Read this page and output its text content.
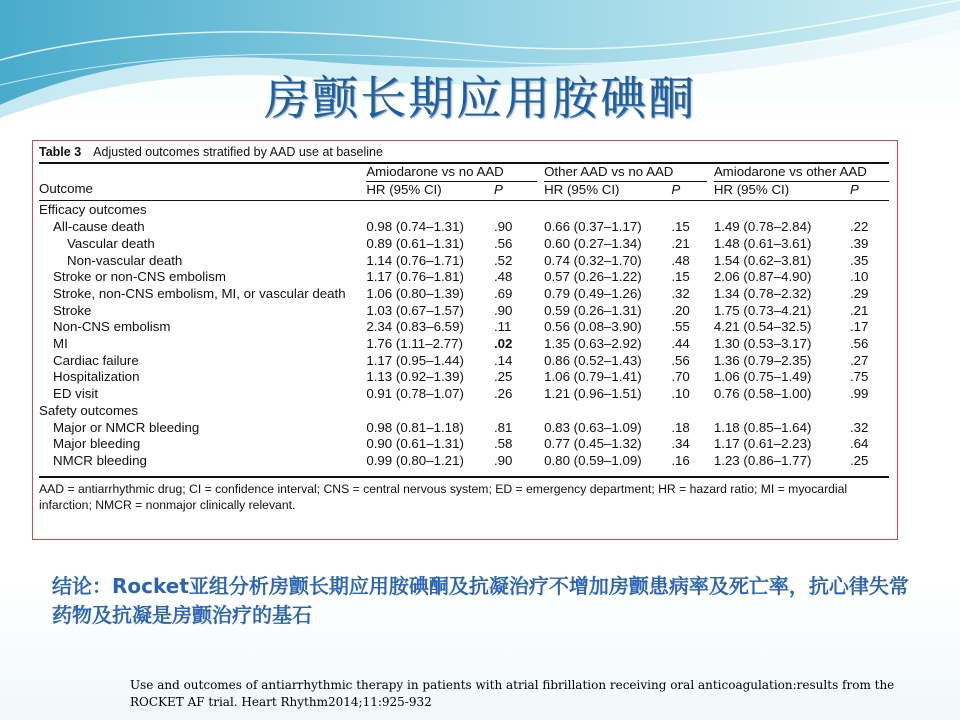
房颤长期应用胺碘酮
Table 3 Adjusted outcomes stratified by AAD use at baseline
	Amiodarone vs no AAD			Other AAD vs no AAD			Amiodarone vs other AAD	
Outcome	HR (95% CI)	P		HR (95% CI)	P		HR (95% CI)	P

Efficacy outcomes								
All-cause death	0.98 (0.74–1.31)	.90		0.66 (0.37–1.17)	.15		1.49 (0.78–2.84)	.22
Vascular death	0.89 (0.61–1.31)	.56		0.60 (0.27–1.34)	.21		1.48 (0.61–3.61)	.39
Non-vascular death	1.14 (0.76–1.71)	.52		0.74 (0.32–1.70)	.48		1.54 (0.62–3.81)	.35
Stroke or non-CNS embolism	1.17 (0.76–1.81)	.48		0.57 (0.26–1.22)	.15		2.06 (0.87–4.90)	.10
Stroke, non-CNS embolism, MI, or vascular death	1.06 (0.80–1.39)	.69		0.79 (0.49–1.26)	.32		1.34 (0.78–2.32)	.29
Stroke	1.03 (0.67–1.57)	.90		0.59 (0.26–1.31)	.20		1.75 (0.73–4.21)	.21
Non-CNS embolism	2.34 (0.83–6.59)	.11		0.56 (0.08–3.90)	.55		4.21 (0.54–32.5)	.17
MI	1.76 (1.11–2.77)	.02		1.35 (0.63–2.92)	.44		1.30 (0.53–3.17)	.56
Cardiac failure	1.17 (0.95–1.44)	.14		0.86 (0.52–1.43)	.56		1.36 (0.79–2.35)	.27
Hospitalization	1.13 (0.92–1.39)	.25		1.06 (0.79–1.41)	.70		1.06 (0.75–1.49)	.75
ED visit	0.91 (0.78–1.07)	.26		1.21 (0.96–1.51)	.10		0.76 (0.58–1.00)	.99
Safety outcomes								
Major or NMCR bleeding	0.98 (0.81–1.18)	.81		0.83 (0.63–1.09)	.18		1.18 (0.85–1.64)	.32
Major bleeding	0.90 (0.61–1.31)	.58		0.77 (0.45–1.32)	.34		1.17 (0.61–2.23)	.64
NMCR bleeding	0.99 (0.80–1.21)	.90		0.80 (0.59–1.09)	.16		1.23 (0.86–1.77)	.25
AAD = antiarrhythmic drug; CI = confidence interval; CNS = central nervous system; ED = emergency department; HR = hazard ratio; MI = myocardial infarction; NMCR = nonmajor clinically relevant.
结论：Rocket亚组分析房颤长期应用胺碘酮及抗凝治疗不增加房颤患病率及死亡率，抗心律失常药物及抗凝是房颤治疗的基石
Use and outcomes of antiarrhythmic therapy in patients with atrial fibrillation receiving oral anticoagulation:results from the ROCKET AF trial. Heart Rhythm2014;11:925-932
